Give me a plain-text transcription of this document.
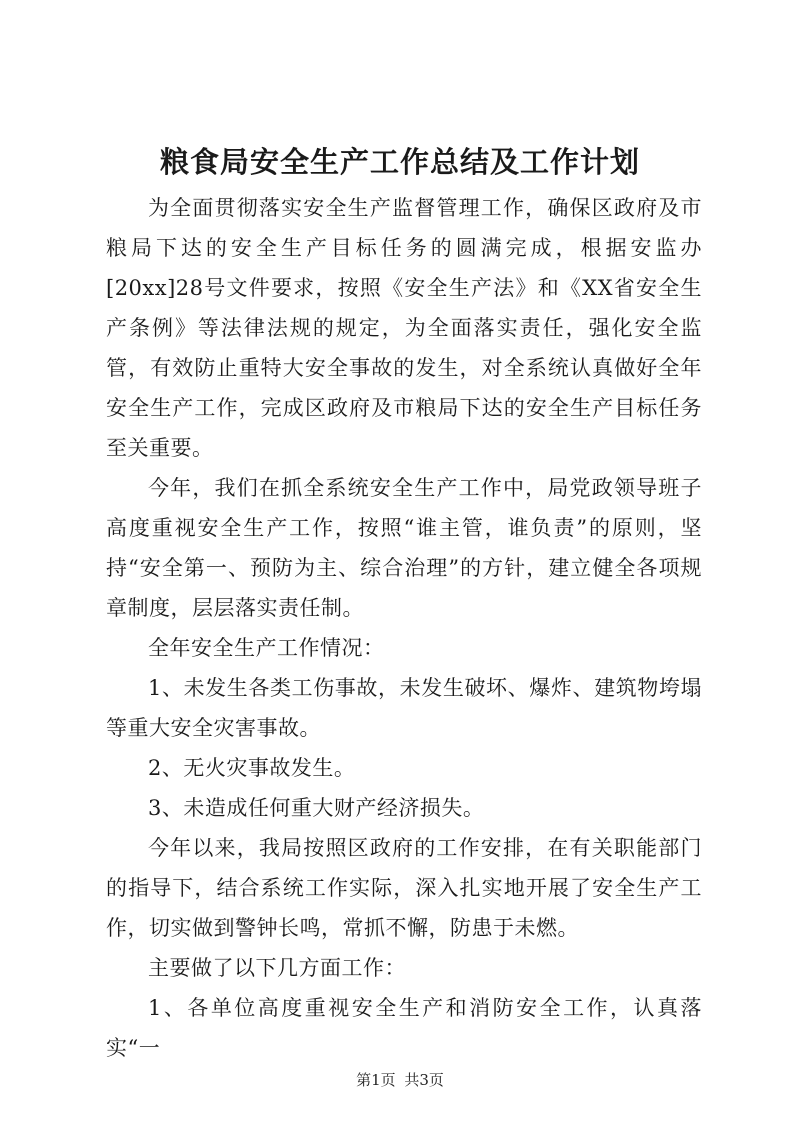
粮食局安全生产工作总结及工作计划

为全面贯彻落实安全生产监督管理工作，确保区政府及市粮局下达的安全生产目标任务的圆满完成，根据安监办[20xx]28号文件要求，按照《安全生产法》和《XX省安全生产条例》等法律法规的规定，为全面落实责任，强化安全监管，有效防止重特大安全事故的发生，对全系统认真做好全年安全生产工作，完成区政府及市粮局下达的安全生产目标任务至关重要。

今年，我们在抓全系统安全生产工作中，局党政领导班子高度重视安全生产工作，按照“谁主管，谁负责”的原则，坚持“安全第一、预防为主、综合治理”的方针，建立健全各项规章制度，层层落实责任制。

全年安全生产工作情况：

1、未发生各类工伤事故，未发生破坏、爆炸、建筑物垮塌等重大安全灾害事故。

2、无火灾事故发生。

3、未造成任何重大财产经济损失。

今年以来，我局按照区政府的工作安排，在有关职能部门的指导下，结合系统工作实际，深入扎实地开展了安全生产工作，切实做到警钟长鸣，常抓不懈，防患于未燃。

主要做了以下几方面工作：

1、各单位高度重视安全生产和消防安全工作，认真落实“一

第1页 共3页
